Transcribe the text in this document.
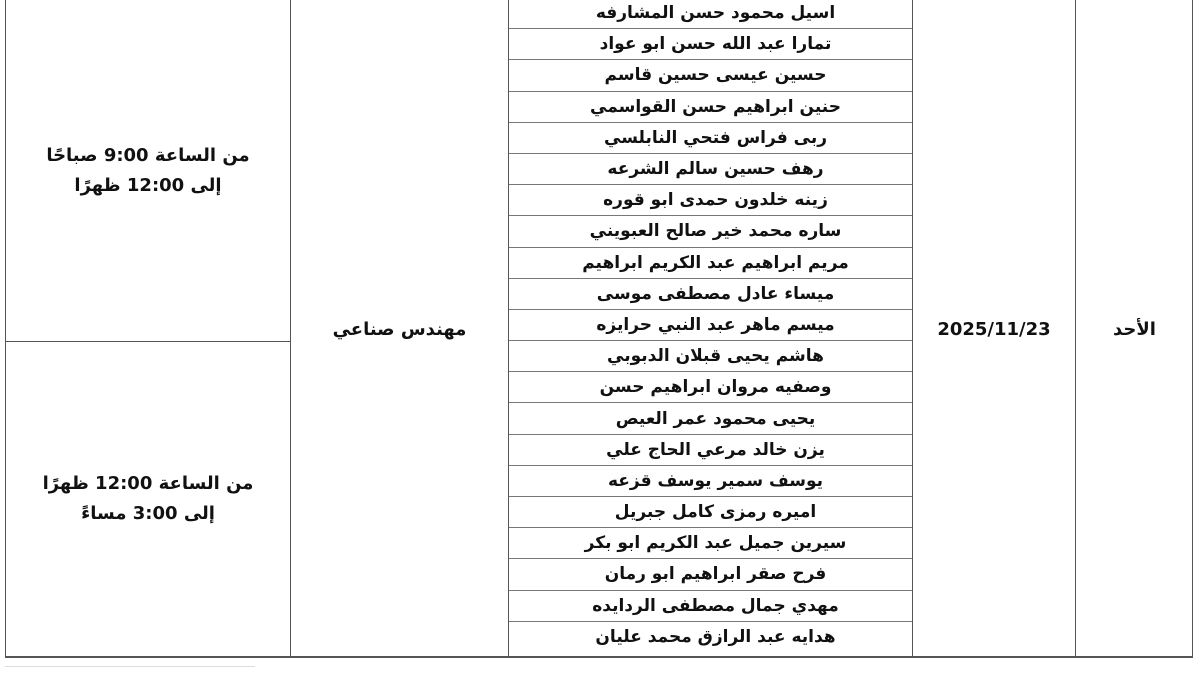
من الساعة 9:00 صباحًا
إلى 12:00 ظهرًا
من الساعة 12:00 ظهرًا
إلى 3:00 مساءً
مهندس صناعي
اسيل محمود حسن المشارفه
تمارا عبد الله حسن ابو عواد
حسين عيسى حسين قاسم
حنين ابراهيم حسن القواسمي
ربى فراس فتحي النابلسي
رهف حسين سالم الشرعه
زينه خلدون حمدى ابو قوره
ساره محمد خير صالح العبويني
مريم ابراهيم عبد الكريم ابراهيم
ميساء عادل مصطفى موسى
ميسم ماهر عبد النبي حرايزه
هاشم يحيى قبلان الدبوبي
وصفيه مروان ابراهيم حسن
يحيى محمود عمر العيص
يزن خالد مرعي الحاج علي
يوسف سمير يوسف قزعه
اميره رمزى كامل جبريل
سيرين جميل عبد الكريم ابو بكر
فرح صقر ابراهيم ابو رمان
مهدي جمال مصطفى الردايده
هدايه عبد الرازق محمد عليان
2025/11/23	الأحد
